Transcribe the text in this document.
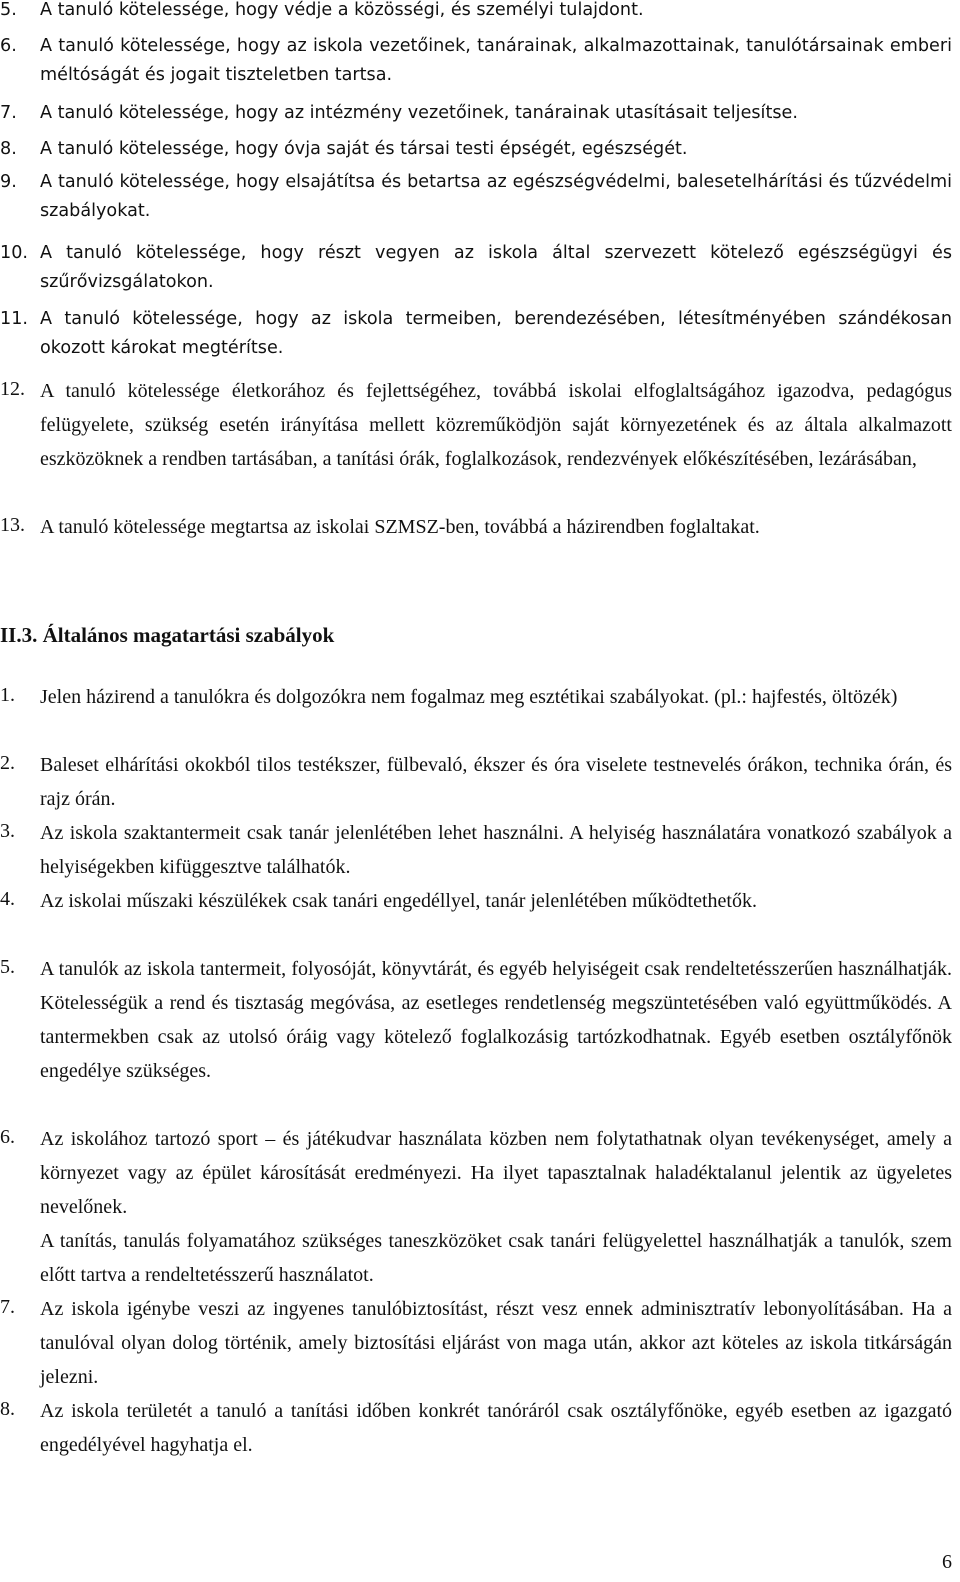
5. A tanuló kötelessége, hogy védje a közösségi, és személyi tulajdont.
6. A tanuló kötelessége, hogy az iskola vezetőinek, tanárainak, alkalmazottainak, tanulótársainak emberi méltóságát és jogait tiszteletben tartsa.
7. A tanuló kötelessége, hogy az intézmény vezetőinek, tanárainak utasításait teljesítse.
8. A tanuló kötelessége, hogy óvja saját és társai testi épségét, egészségét.
9. A tanuló kötelessége, hogy elsajátítsa és betartsa az egészségvédelmi, balesetelhárítási és tűzvédelmi szabályokat.
10. A tanuló kötelessége, hogy részt vegyen az iskola által szervezett kötelező egészségügyi és szűrővizsgálatokon.
11. A tanuló kötelessége, hogy az iskola termeiben, berendezésében, létesítményében szándékosan okozott károkat megtérítse.
12. A tanuló kötelessége életkorához és fejlettségéhez, továbbá iskolai elfoglaltságához igazodva, pedagógus felügyelete, szükség esetén irányítása mellett közreműködjön saját környezetének és az általa alkalmazott eszközöknek a rendben tartásában, a tanítási órák, foglalkozások, rendezvények előkészítésében, lezárásában,
13. A tanuló kötelessége megtartsa az iskolai SZMSZ-ben, továbbá a házirendben foglaltakat.
II.3. Általános magatartási szabályok
1. Jelen házirend a tanulókra és dolgozókra nem fogalmaz meg esztétikai szabályokat. (pl.: hajfestés, öltözék)
2. Baleset elhárítási okokból tilos testékszer, fülbevaló, ékszer és óra viselete testnevelés órákon, technika órán, és rajz órán.
3. Az iskola szaktantermeit csak tanár jelenlétében lehet használni. A helyiség használatára vonatkozó szabályok a helyiségekben kifüggesztve találhatók.
4. Az iskolai műszaki készülékek csak tanári engedéllyel, tanár jelenlétében működtethetők.
5. A tanulók az iskola tantermeit, folyosóját, könyvtárát, és egyéb helyiségeit csak rendeltetésszerűen használhatják. Kötelességük a rend és tisztaság megóvása, az esetleges rendetlenség megszüntetésében való együttműködés. A tantermekben csak az utolsó óráig vagy kötelező foglalkozásig tartózkodhatnak. Egyéb esetben osztályfőnök engedélye szükséges.
6. Az iskolához tartozó sport – és játékudvar használata közben nem folytathatnak olyan tevékenységet, amely a környezet vagy az épület károsítását eredményezi. Ha ilyet tapasztalnak haladéktalanul jelentik az ügyeletes nevelőnek.
A tanítás, tanulás folyamatához szükséges taneszközöket csak tanári felügyelettel használhatják a tanulók, szem előtt tartva a rendeltetésszerű használatot.
7. Az iskola igénybe veszi az ingyenes tanulóbiztosítást, részt vesz ennek adminisztratív lebonyolításában. Ha a tanulóval olyan dolog történik, amely biztosítási eljárást von maga után, akkor azt köteles az iskola titkárságán jelezni.
8. Az iskola területét a tanuló a tanítási időben konkrét tanóráról csak osztályfőnöke, egyéb esetben az igazgató engedélyével hagyhatja el.
6
